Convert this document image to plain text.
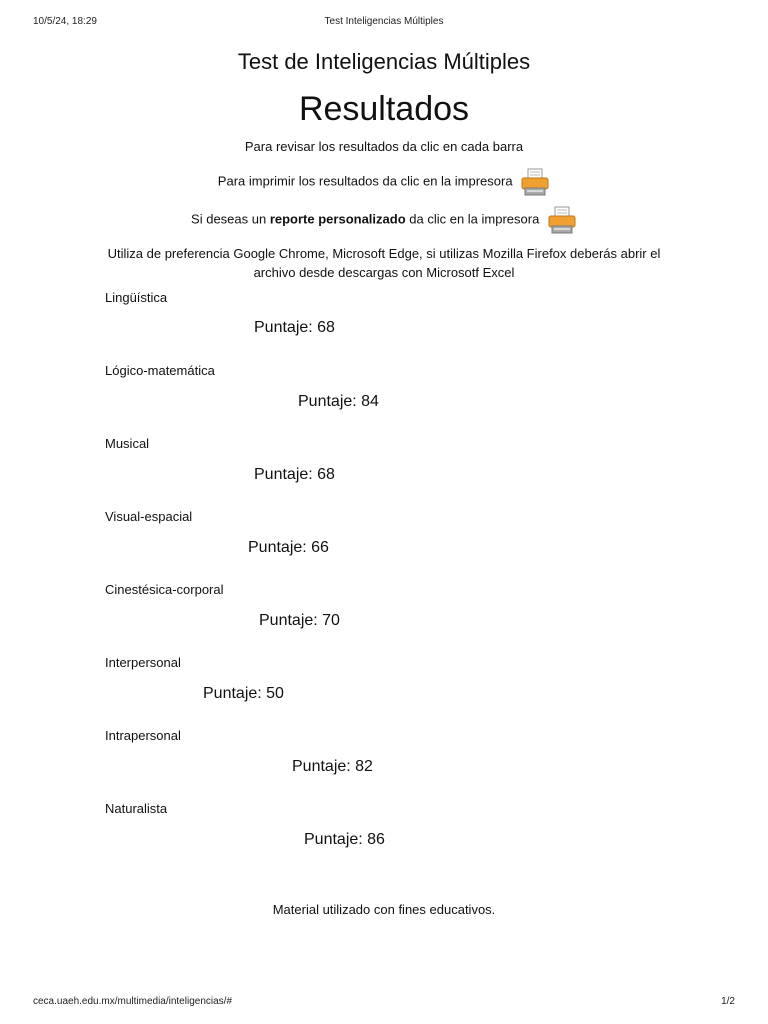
10/5/24, 18:29	Test Inteligencias Múltiples
Test de Inteligencias Múltiples
Resultados
Para revisar los resultados da clic en cada barra
Para imprimir los resultados da clic en la impresora
Si deseas un reporte personalizado da clic en la impresora
Utiliza de preferencia Google Chrome, Microsoft Edge, si utilizas Mozilla Firefox deberás abrir el archivo desde descargas con Microsotf Excel
Lingüística
Puntaje: 68
Lógico-matemática
Puntaje: 84
Musical
Puntaje: 68
Visual-espacial
Puntaje: 66
Cinestésica-corporal
Puntaje: 70
Interpersonal
Puntaje: 50
Intrapersonal
Puntaje: 82
Naturalista
Puntaje: 86
Material utilizado con fines educativos.
ceca.uaeh.edu.mx/multimedia/inteligencias/#	1/2
